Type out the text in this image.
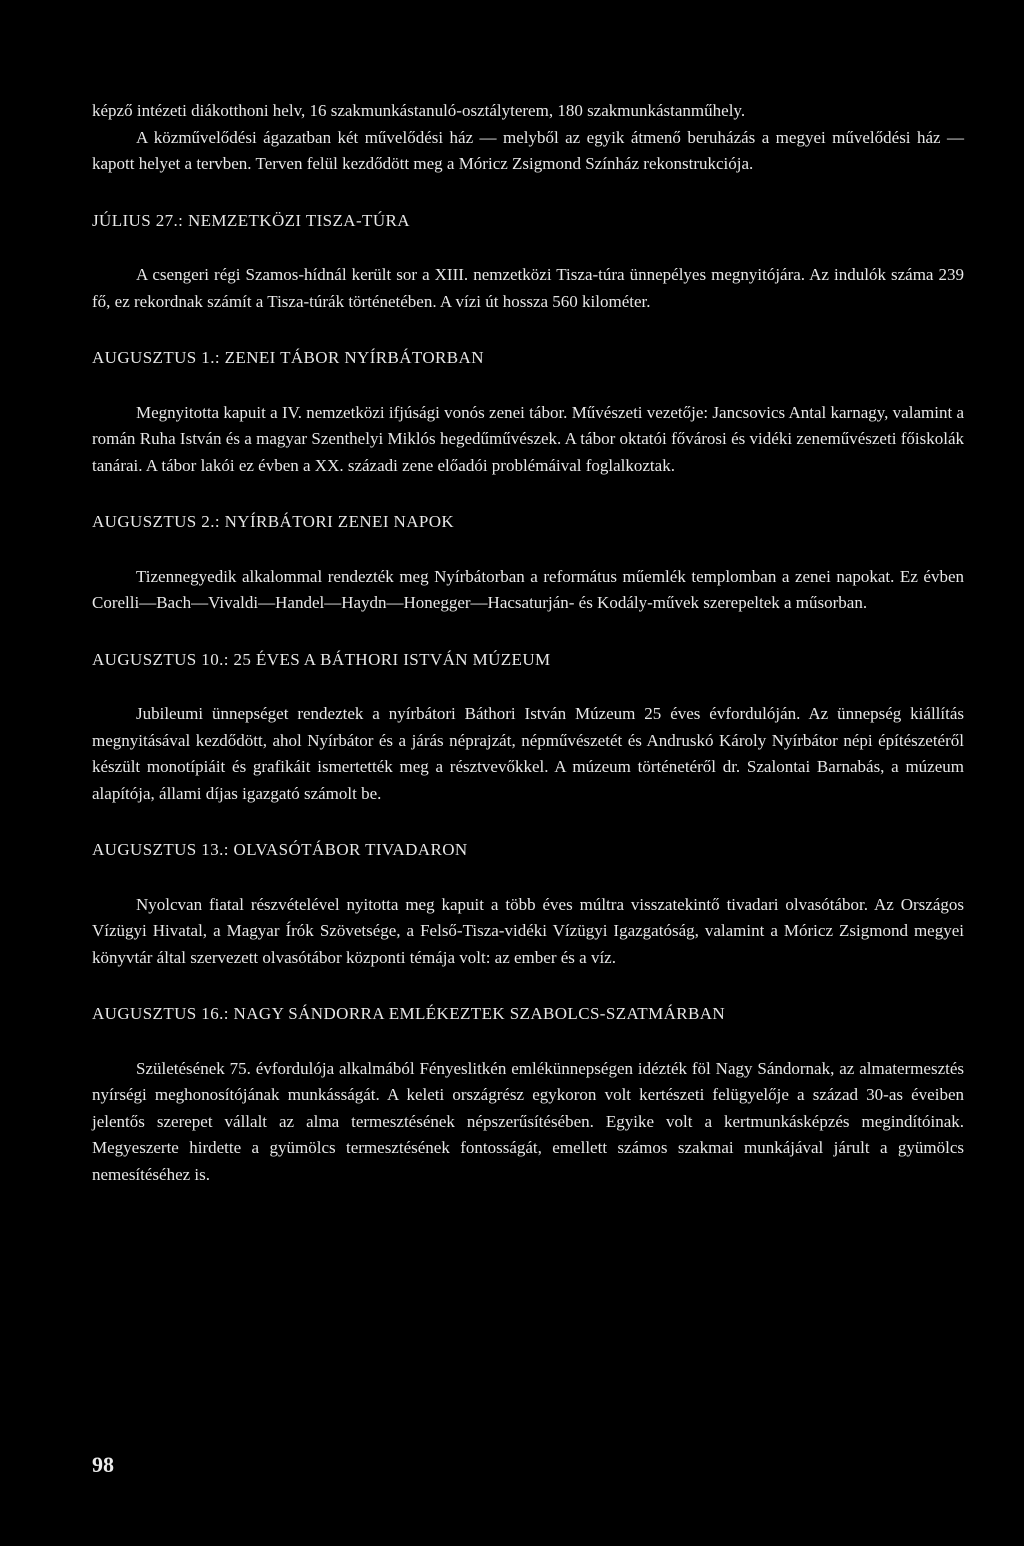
képző intézeti diákotthoni helv, 16 szakmunkástanuló-osztályterem, 180 szakmunkástanműhely.

A közművelődési ágazatban két művelődési ház — melyből az egyik átmenő beruházás a megyei művelődési ház — kapott helyet a tervben. Terven felül kezdődött meg a Móricz Zsigmond Színház rekonstrukciója.

JÚLIUS 27.: NEMZETKÖZI TISZA-TÚRA

A csengeri régi Szamos-hídnál került sor a XIII. nemzetközi Tisza-túra ünnepélyes megnyitójára. Az indulók száma 239 fő, ez rekordnak számít a Tisza-túrák történetében. A vízi út hossza 560 kilométer.

AUGUSZTUS 1.: ZENEI TÁBOR NYÍRBÁTORBAN

Megnyitotta kapuit a IV. nemzetközi ifjúsági vonós zenei tábor. Művészeti vezetője: Jancsovics Antal karnagy, valamint a román Ruha István és a magyar Szenthelyi Miklós hegedűművészek. A tábor oktatói fővárosi és vidéki zeneművészeti főiskolák tanárai. A tábor lakói ez évben a XX. századi zene előadói problémáival foglalkoztak.

AUGUSZTUS 2.: NYÍRBÁTORI ZENEI NAPOK

Tizennegyedik alkalommal rendezték meg Nyírbátorban a református műemlék templomban a zenei napokat. Ez évben Corelli—Bach—Vivaldi—Handel—Haydn—Honegger—Hacsaturján- és Kodály-művek szerepeltek a műsorban.

AUGUSZTUS 10.: 25 ÉVES A BÁTHORI ISTVÁN MÚZEUM

Jubileumi ünnepséget rendeztek a nyírbátori Báthori István Múzeum 25 éves évfordulóján. Az ünnepség kiállítás megnyitásával kezdődött, ahol Nyírbátor és a járás néprajzát, népművészetét és Andruskó Károly Nyírbátor népi építészetéről készült monotípiáit és grafikáit ismertették meg a résztvevőkkel. A múzeum történetéről dr. Szalontai Barnabás, a múzeum alapítója, állami díjas igazgató számolt be.

AUGUSZTUS 13.: OLVASÓTÁBOR TIVADARON

Nyolcvan fiatal részvételével nyitotta meg kapuit a több éves múltra visszatekintő tivadari olvasótábor. Az Országos Vízügyi Hivatal, a Magyar Írók Szövetsége, a Felső-Tisza-vidéki Vízügyi Igazgatóság, valamint a Móricz Zsigmond megyei könyvtár által szervezett olvasótábor központi témája volt: az ember és a víz.

AUGUSZTUS 16.: NAGY SÁNDORRA EMLÉKEZTEK SZABOLCS-SZATMÁRBAN

Születésének 75. évfordulója alkalmából Fényeslitkén emlékünnepségen idézték föl Nagy Sándornak, az almatermesztés nyírségi meghonosítójának munkásságát. A keleti országrész egykoron volt kertészeti felügyelője a század 30-as éveiben jelentős szerepet vállalt az alma termesztésének népszerűsítésében. Egyike volt a kertmunkásképzés megindítóinak. Megyeszerte hirdette a gyümölcs termesztésének fontosságát, emellett számos szakmai munkájával járult a gyümölcs nemesítéséhez is.

98
